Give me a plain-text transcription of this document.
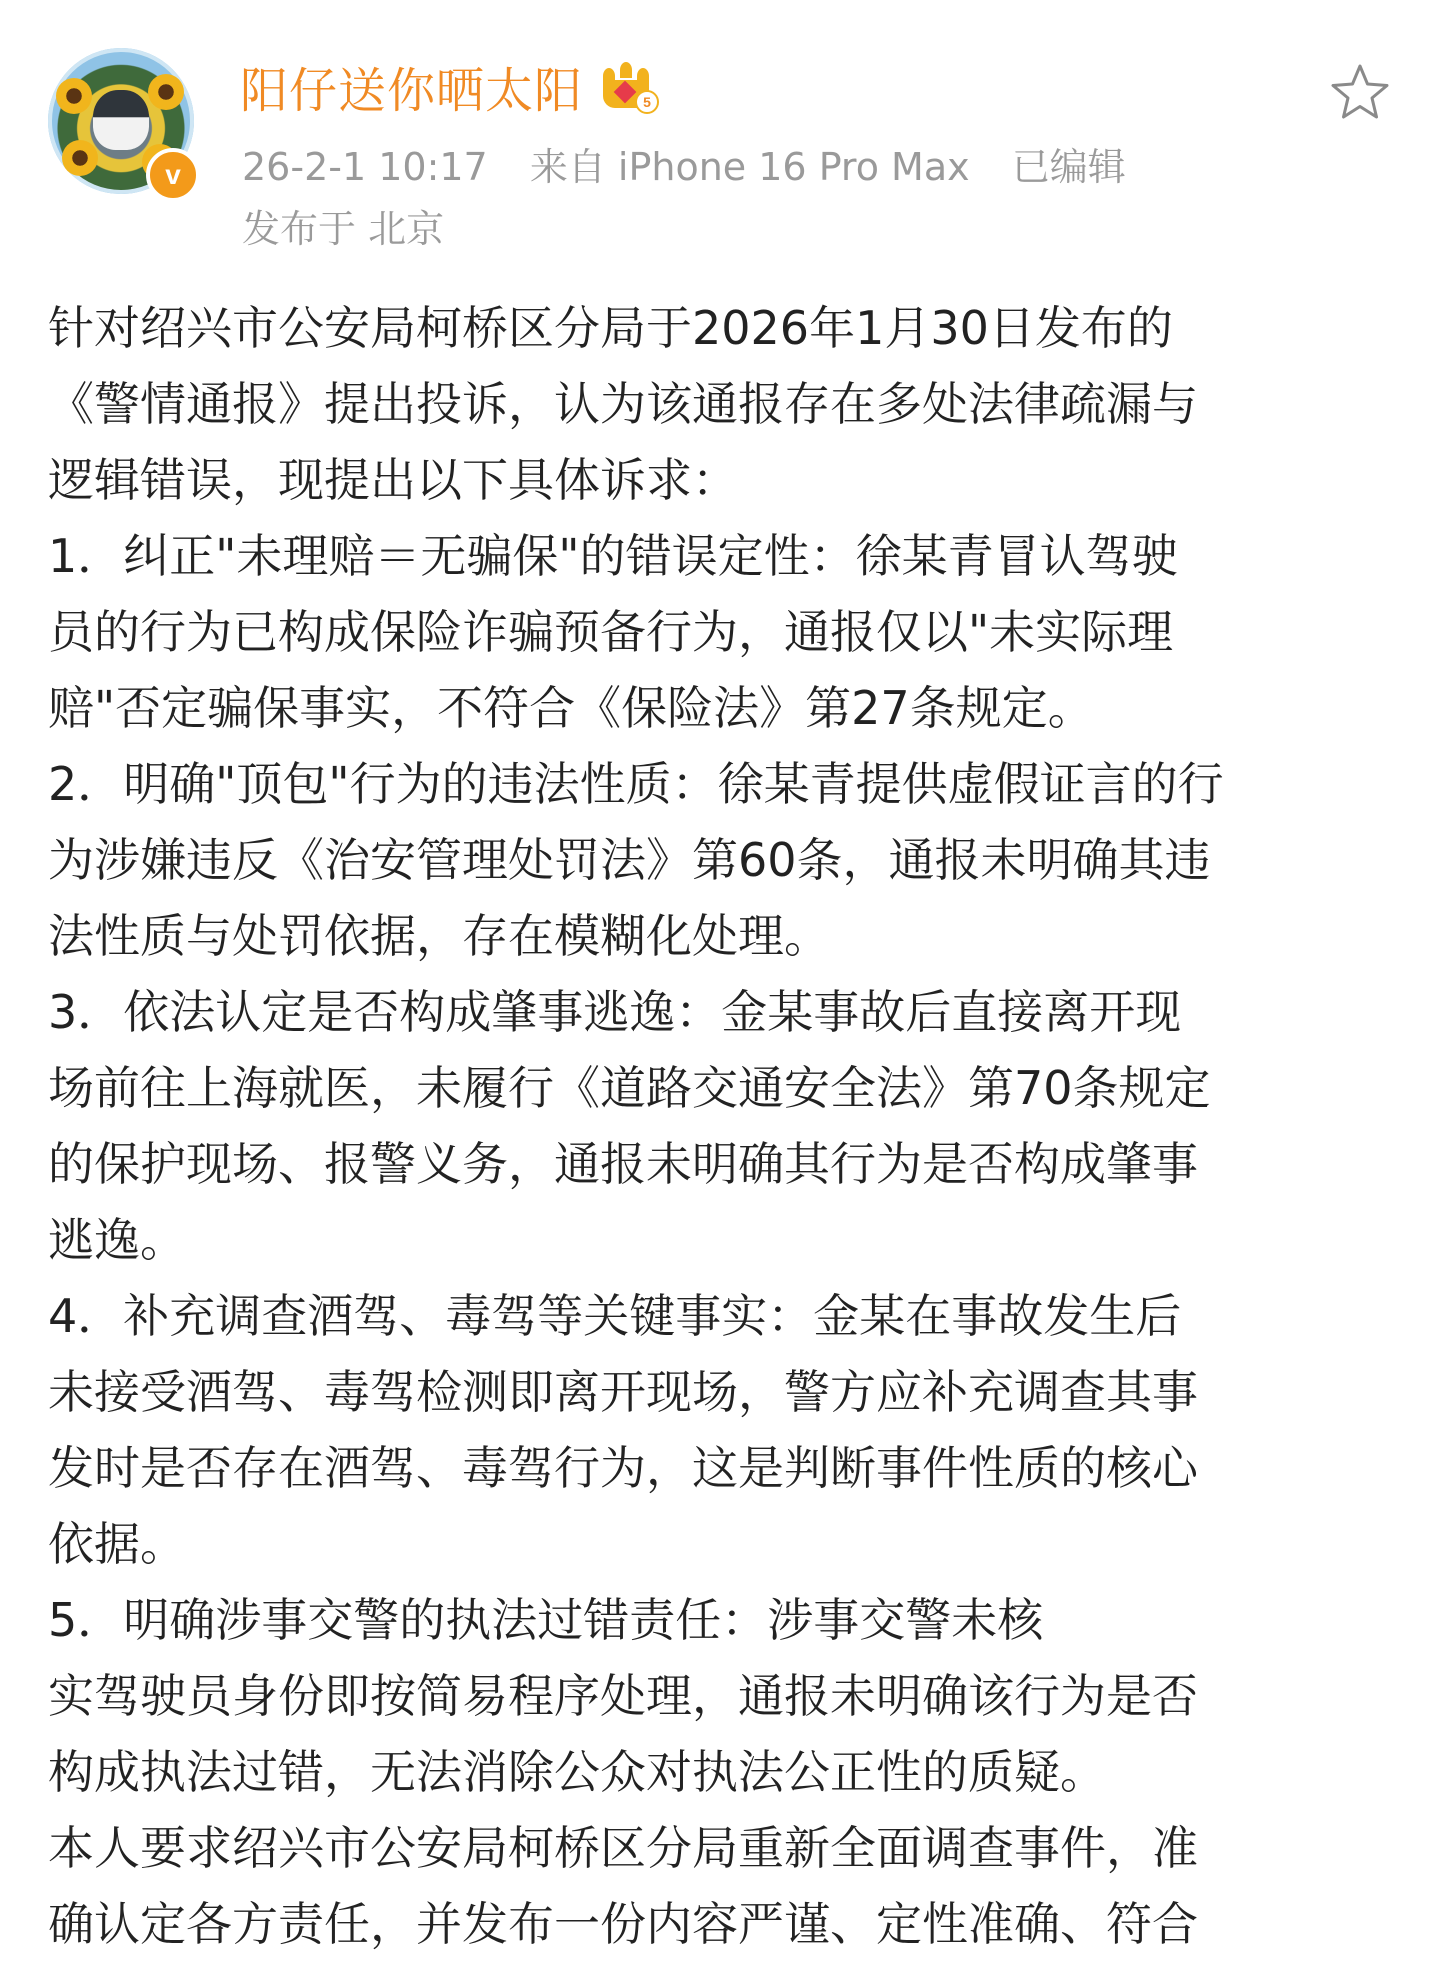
v
阳仔送你晒太阳	5
26-2-1 10:17 来自 iPhone 16 Pro Max 已编辑
发布于 北京
针对绍兴市公安局柯桥区分局于2026年1月30日发布的
《警情通报》提出投诉，认为该通报存在多处法律疏漏与
逻辑错误，现提出以下具体诉求：
1．纠正"未理赔＝无骗保"的错误定性：徐某青冒认驾驶
员的行为已构成保险诈骗预备行为，通报仅以"未实际理
赔"否定骗保事实，不符合《保险法》第27条规定。
2．明确"顶包"行为的违法性质：徐某青提供虚假证言的行
为涉嫌违反《治安管理处罚法》第60条，通报未明确其违
法性质与处罚依据，存在模糊化处理。
3．依法认定是否构成肇事逃逸：金某事故后直接离开现
场前往上海就医，未履行《道路交通安全法》第70条规定
的保护现场、报警义务，通报未明确其行为是否构成肇事
逃逸。
4．补充调查酒驾、毒驾等关键事实：金某在事故发生后
未接受酒驾、毒驾检测即离开现场，警方应补充调查其事
发时是否存在酒驾、毒驾行为，这是判断事件性质的核心
依据。
5．明确涉事交警的执法过错责任：涉事交警未核
实驾驶员身份即按简易程序处理，通报未明确该行为是否
构成执法过错，无法消除公众对执法公正性的质疑。
本人要求绍兴市公安局柯桥区分局重新全面调查事件，准
确认定各方责任，并发布一份内容严谨、定性准确、符合
